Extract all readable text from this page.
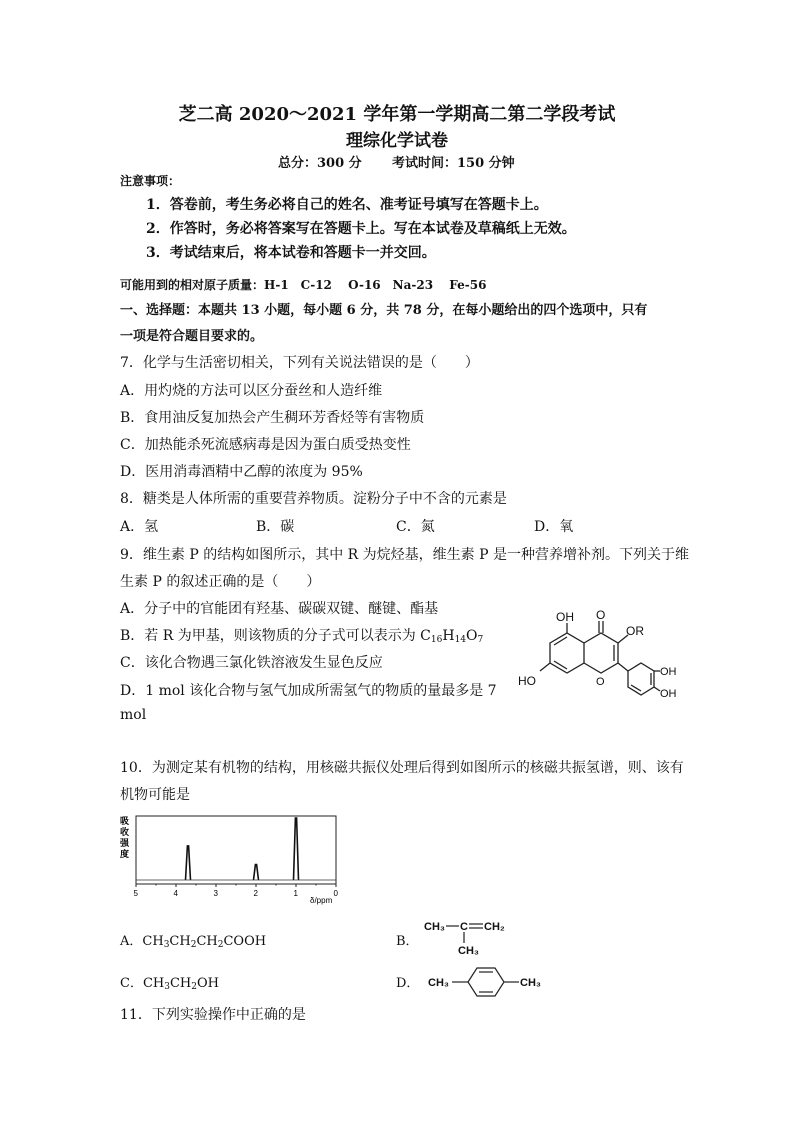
芝二高 2020～2021 学年第一学期高二第二学段考试
理综化学试卷
总分：300 分 考试时间：150 分钟
注意事项：
1．答卷前，考生务必将自己的姓名、准考证号填写在答题卡上。
2．作答时，务必将答案写在答题卡上。写在本试卷及草稿纸上无效。
3．考试结束后，将本试卷和答题卡一并交回。
可能用到的相对原子质量：H-1　C-12　 O-16　Na-23　 Fe-56
一、选择题：本题共 13 小题，每小题 6 分，共 78 分，在每小题给出的四个选项中，只有
一项是符合题目要求的。
7．化学与生活密切相关，下列有关说法错误的是（　　）
A．用灼烧的方法可以区分蚕丝和人造纤维
B．食用油反复加热会产生稠环芳香烃等有害物质
C．加热能杀死流感病毒是因为蛋白质受热变性
D．医用消毒酒精中乙醇的浓度为 95%
8．糖类是人体所需的重要营养物质。淀粉分子中不含的元素是
A．氢	B．碳	C．氮	D．氧
9．维生素 P 的结构如图所示，其中 R 为烷烃基，维生素 P 是一种营养增补剂。下列关于维
生素 P 的叙述正确的是（　　）
A．分子中的官能团有羟基、碳碳双键、醚键、酯基
B．若 R 为甲基，则该物质的分子式可以表示为 $C_{16}H_{14}O_7$
C．该化合物遇三氯化铁溶液发生显色反应
D．1 mol 该化合物与氢气加成所需氢气的物质的量最多是 7
mol
OH O
OR
HO	O
OH
OH
10．为测定某有机物的结构，用核磁共振仪处理后得到如图所示的核磁共振氢谱，则、该有
机物可能是
吸
收
强
度
5	4	3	2	1	0
δ/ppm
A．$CH_3CH_2CH_2COOH$	B．
CH₃ C CH₂
CH₃
C．$CH_3CH_2OH$	D． CH₃	CH₃
11．下列实验操作中正确的是
